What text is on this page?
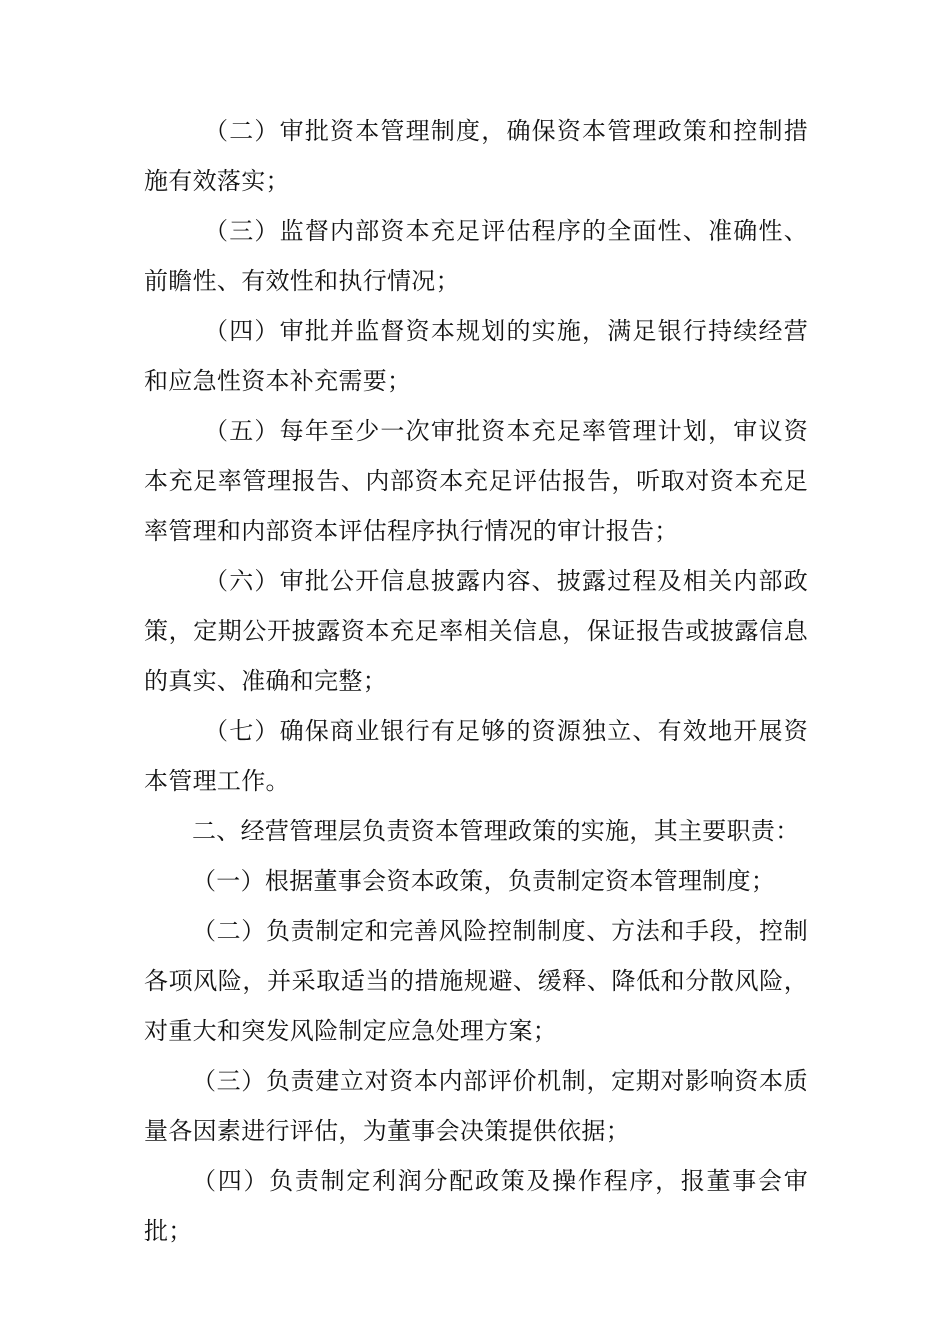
（二）审批资本管理制度，确保资本管理政策和控制措施有效落实；

（三）监督内部资本充足评估程序的全面性、准确性、前瞻性、有效性和执行情况；

（四）审批并监督资本规划的实施，满足银行持续经营和应急性资本补充需要；

（五）每年至少一次审批资本充足率管理计划，审议资本充足率管理报告、内部资本充足评估报告，听取对资本充足率管理和内部资本评估程序执行情况的审计报告；

（六）审批公开信息披露内容、披露过程及相关内部政策，定期公开披露资本充足率相关信息，保证报告或披露信息的真实、准确和完整；

（七）确保商业银行有足够的资源独立、有效地开展资本管理工作。

二、经营管理层负责资本管理政策的实施，其主要职责：

（一）根据董事会资本政策，负责制定资本管理制度；

（二）负责制定和完善风险控制制度、方法和手段，控制各项风险，并采取适当的措施规避、缓释、降低和分散风险，对重大和突发风险制定应急处理方案；

（三）负责建立对资本内部评价机制，定期对影响资本质量各因素进行评估，为董事会决策提供依据；

（四）负责制定利润分配政策及操作程序，报董事会审批；
